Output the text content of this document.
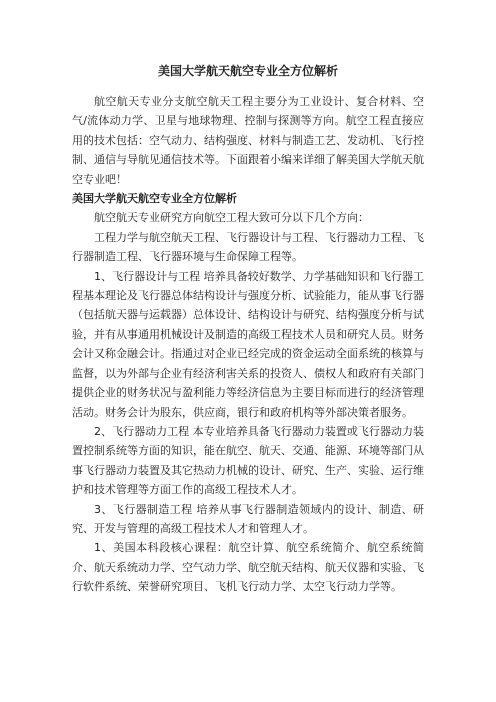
美国大学航天航空专业全方位解析

航空航天专业分支航空航天工程主要分为工业设计、复合材料、空气/流体动力学、卫星与地球物理、控制与探测等方向。航空工程直接应用的技术包括：空气动力、结构强度、材料与制造工艺、发动机、飞行控制、通信与导航见通信技术等。下面跟着小编来详细了解美国大学航天航空专业吧！

美国大学航天航空专业全方位解析

航空航天专业研究方向航空工程大致可分以下几个方向：

工程力学与航空航天工程、飞行器设计与工程、飞行器动力工程、飞行器制造工程、飞行器环境与生命保障工程等。

1、飞行器设计与工程 培养具备较好数学、力学基础知识和飞行器工程基本理论及飞行器总体结构设计与强度分析、试验能力，能从事飞行器（包括航天器与运载器）总体设计、结构设计与研究、结构强度分析与试验，并有从事通用机械设计及制造的高级工程技术人员和研究人员。财务会计又称金融会计。指通过对企业已经完成的资金运动全面系统的核算与监督，以为外部与企业有经济利害关系的投资人、债权人和政府有关部门提供企业的财务状况与盈利能力等经济信息为主要目标而进行的经济管理活动。财务会计为股东，供应商，银行和政府机构等外部决策者服务。

2、飞行器动力工程 本专业培养具备飞行器动力装置或飞行器动力装置控制系统等方面的知识，能在航空、航天、交通、能源、环境等部门从事飞行器动力装置及其它热动力机械的设计、研究、生产、实验、运行维护和技术管理等方面工作的高级工程技术人才。

3、飞行器制造工程 培养从事飞行器制造领域内的设计、制造、研究、开发与管理的高级工程技术人才和管理人才。

1、美国本科段核心课程：航空计算、航空系统简介、航空系统简介、航天系统动力学、空气动力学、航空航天结构、航天仪器和实验、飞行软件系统、荣誉研究项目、飞机飞行动力学、太空飞行动力学等。
